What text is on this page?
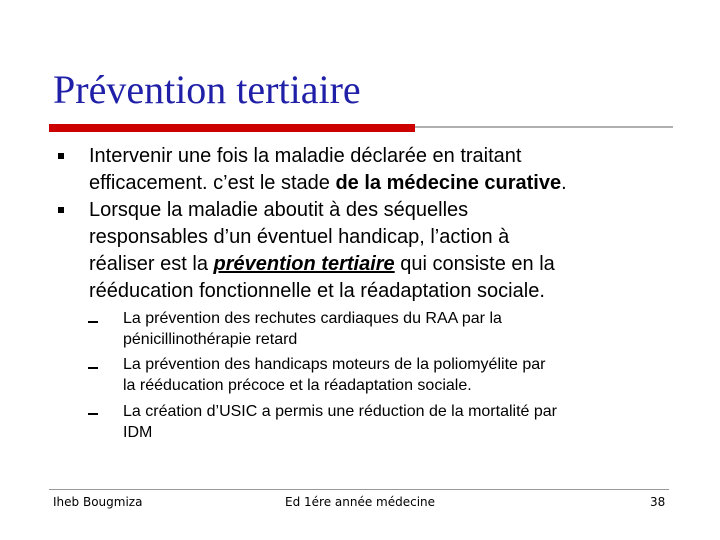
Prévention tertiaire
Intervenir une fois la maladie déclarée en traitant
efficacement. c’est le stade de la médecine curative.
Lorsque la maladie aboutit à des séquelles
responsables d’un éventuel handicap, l’action à
réaliser est la prévention tertiaire qui consiste en la
rééducation fonctionnelle et la réadaptation sociale.
La prévention des rechutes cardiaques du RAA par la
pénicillinothérapie retard
La prévention des handicaps moteurs de la poliomyélite par
la rééducation précoce et la réadaptation sociale.
La création d’USIC a permis une réduction de la mortalité par
IDM
Iheb Bougmiza	Ed 1ére année médecine	38
